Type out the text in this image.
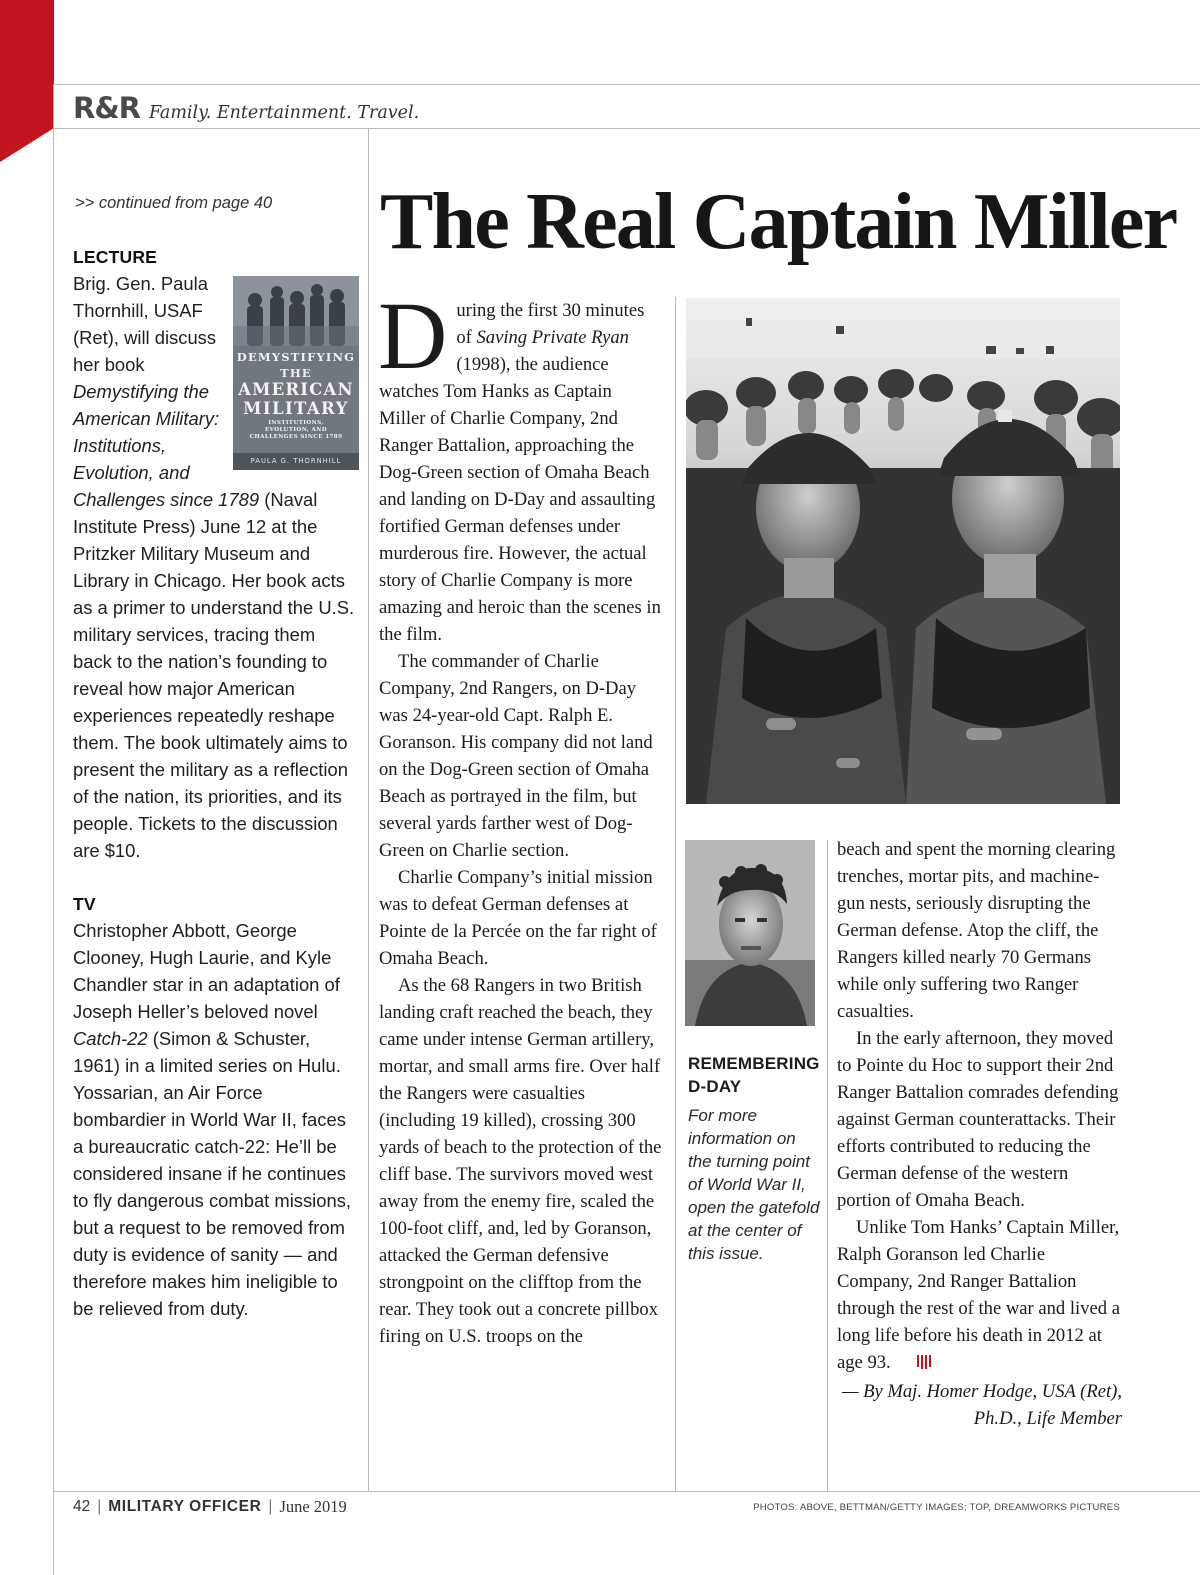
R&R Family. Entertainment. Travel.
>> continued from page 40
LECTURE

DEMYSTIFYING
THE
AMERICAN
MILITARY
INSTITUTIONS, EVOLUTION, AND CHALLENGES SINCE 1789
PAULA G. THORNHILL
Brig. Gen. Paula Thornhill, USAF (Ret), will discuss her book Demystifying the American Military: Institutions, Evolution, and Challenges since 1789 (Naval Institute Press) June 12 at the Pritzker Military Museum and Library in Chicago. Her book acts as a primer to understand the U.S. military services, tracing them back to the nation’s founding to reveal how major American experiences repeatedly reshape them. The book ultimately aims to present the military as a reflection of the nation, its priorities, and its people. Tickets to the discussion are $10.

TV

Christopher Abbott, George Clooney, Hugh Laurie, and Kyle Chandler star in an adaptation of Joseph Heller’s beloved novel Catch-22 (Simon & Schuster, 1961) in a limited series on Hulu. Yossarian, an Air Force bombardier in World War II, faces a bureaucratic catch-22: He’ll be considered insane if he continues to fly dangerous combat missions, but a request to be removed from duty is evidence of sanity — and therefore makes him ineligible to be relieved from duty.

The Real Captain Miller

During the first 30 minutes of Saving Private Ryan (1998), the audience watches Tom Hanks as Captain Miller of Charlie Company, 2nd Ranger Battalion, approaching the Dog-Green section of Omaha Beach and landing on D-Day and assaulting fortified German defenses under murderous fire. However, the actual story of Charlie Company is more amazing and heroic than the scenes in the film.

The commander of Charlie Company, 2nd Rangers, on D-Day was 24-year-old Capt. Ralph E. Goranson. His company did not land on the Dog-Green section of Omaha Beach as portrayed in the film, but several yards farther west of Dog-Green on Charlie section.

Charlie Company’s initial mission was to defeat German defenses at Pointe de la Percée on the far right of Omaha Beach.

As the 68 Rangers in two British landing craft reached the beach, they came under intense German artillery, mortar, and small arms fire. Over half the Rangers were casualties (including 19 killed), crossing 300 yards of beach to the protection of the cliff base. The survivors moved west away from the enemy fire, scaled the 100-foot cliff, and, led by Goranson, attacked the German defensive strongpoint on the clifftop from the rear. They took out a concrete pillbox firing on U.S. troops on the

REMEMBERING D-DAY
For more information on the turning point of World War II, open the gatefold at the center of this issue.

beach and spent the morning clearing trenches, mortar pits, and machine-gun nests, seriously disrupting the German defense. Atop the cliff, the Rangers killed nearly 70 Germans while only suffering two Ranger casualties.

In the early afternoon, they moved to Pointe du Hoc to support their 2nd Ranger Battalion comrades defending against German counterattacks. Their efforts contributed to reducing the German defense of the western portion of Omaha Beach.

Unlike Tom Hanks’ Captain Miller, Ralph Goranson led Charlie Company, 2nd Ranger Battalion through the rest of the war and lived a long life before his death in 2012 at age 93.

— By Maj. Homer Hodge, USA (Ret), Ph.D., Life Member

42 | MILITARY OFFICER | June 2019	PHOTOS: ABOVE, BETTMAN/GETTY IMAGES; TOP, DREAMWORKS PICTURES
